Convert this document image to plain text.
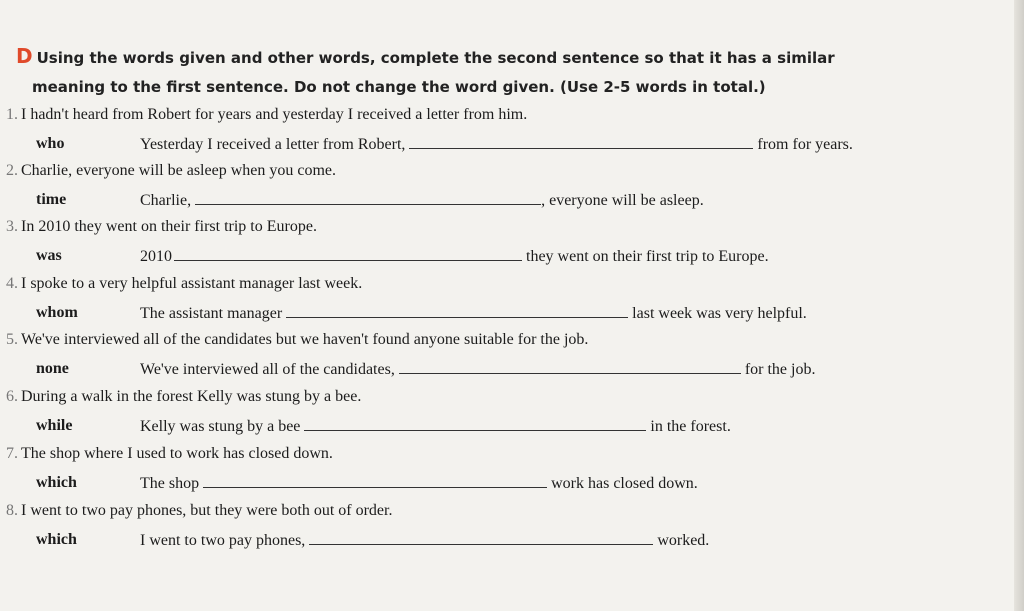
D Using the words given and other words, complete the second sentence so that it has a similar
meaning to the first sentence. Do not change the word given. (Use 2-5 words in total.)
1. I hadn't heard from Robert for years and yesterday I received a letter from him.
who	Yesterday I received a letter from Robert,	from for years.
2. Charlie, everyone will be asleep when you come.
time	Charlie,	, everyone will be asleep.
3. In 2010 they went on their first trip to Europe.
was	2010	they went on their first trip to Europe.
4. I spoke to a very helpful assistant manager last week.
whom	The assistant manager	last week was very helpful.
5. We've interviewed all of the candidates but we haven't found anyone suitable for the job.
none	We've interviewed all of the candidates,	for the job.
6. During a walk in the forest Kelly was stung by a bee.
while	Kelly was stung by a bee	in the forest.
7. The shop where I used to work has closed down.
which	The shop	work has closed down.
8. I went to two pay phones, but they were both out of order.
which	I went to two pay phones,	worked.
